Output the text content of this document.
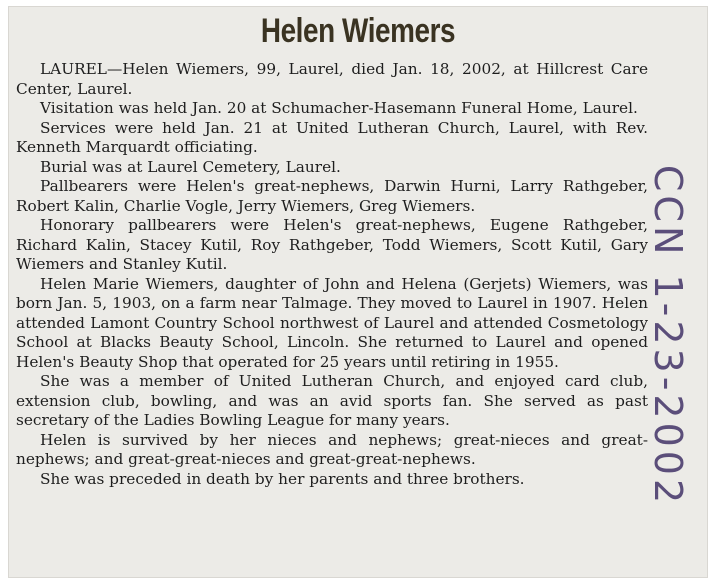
Helen Wiemers

LAUREL—Helen Wiemers, 99, Laurel, died Jan. 18, 2002, at Hillcrest Care Center, Laurel.

Visitation was held Jan. 20 at Schumacher-Hasemann Funeral Home, Laurel.

Services were held Jan. 21 at United Lutheran Church, Laurel, with Rev. Kenneth Marquardt officiating.

Burial was at Laurel Cemetery, Laurel.

Pallbearers were Helen's great-nephews, Darwin Hurni, Larry Rathgeber, Robert Kalin, Charlie Vogle, Jerry Wiemers, Greg Wiemers.

Honorary pallbearers were Helen's great-nephews, Eugene Rathgeber, Richard Kalin, Stacey Kutil, Roy Rathgeber, Todd Wiemers, Scott Kutil, Gary Wiemers and Stanley Kutil.

Helen Marie Wiemers, daughter of John and Helena (Gerjets) Wiemers, was born Jan. 5, 1903, on a farm near Talmage. They moved to Laurel in 1907. Helen attended Lamont Country School northwest of Laurel and attended Cosmetology School at Blacks Beauty School, Lincoln. She returned to Laurel and opened Helen's Beauty Shop that operated for 25 years until retiring in 1955.

She was a member of United Lutheran Church, and enjoyed card club, extension club, bowling, and was an avid sports fan. She served as past secretary of the Ladies Bowling League for many years.

Helen is survived by her nieces and nephews; great-nieces and great-nephews; and great-great-nieces and great-great-nephews.

She was preceded in death by her parents and three brothers.	CCN 1-23-2002
